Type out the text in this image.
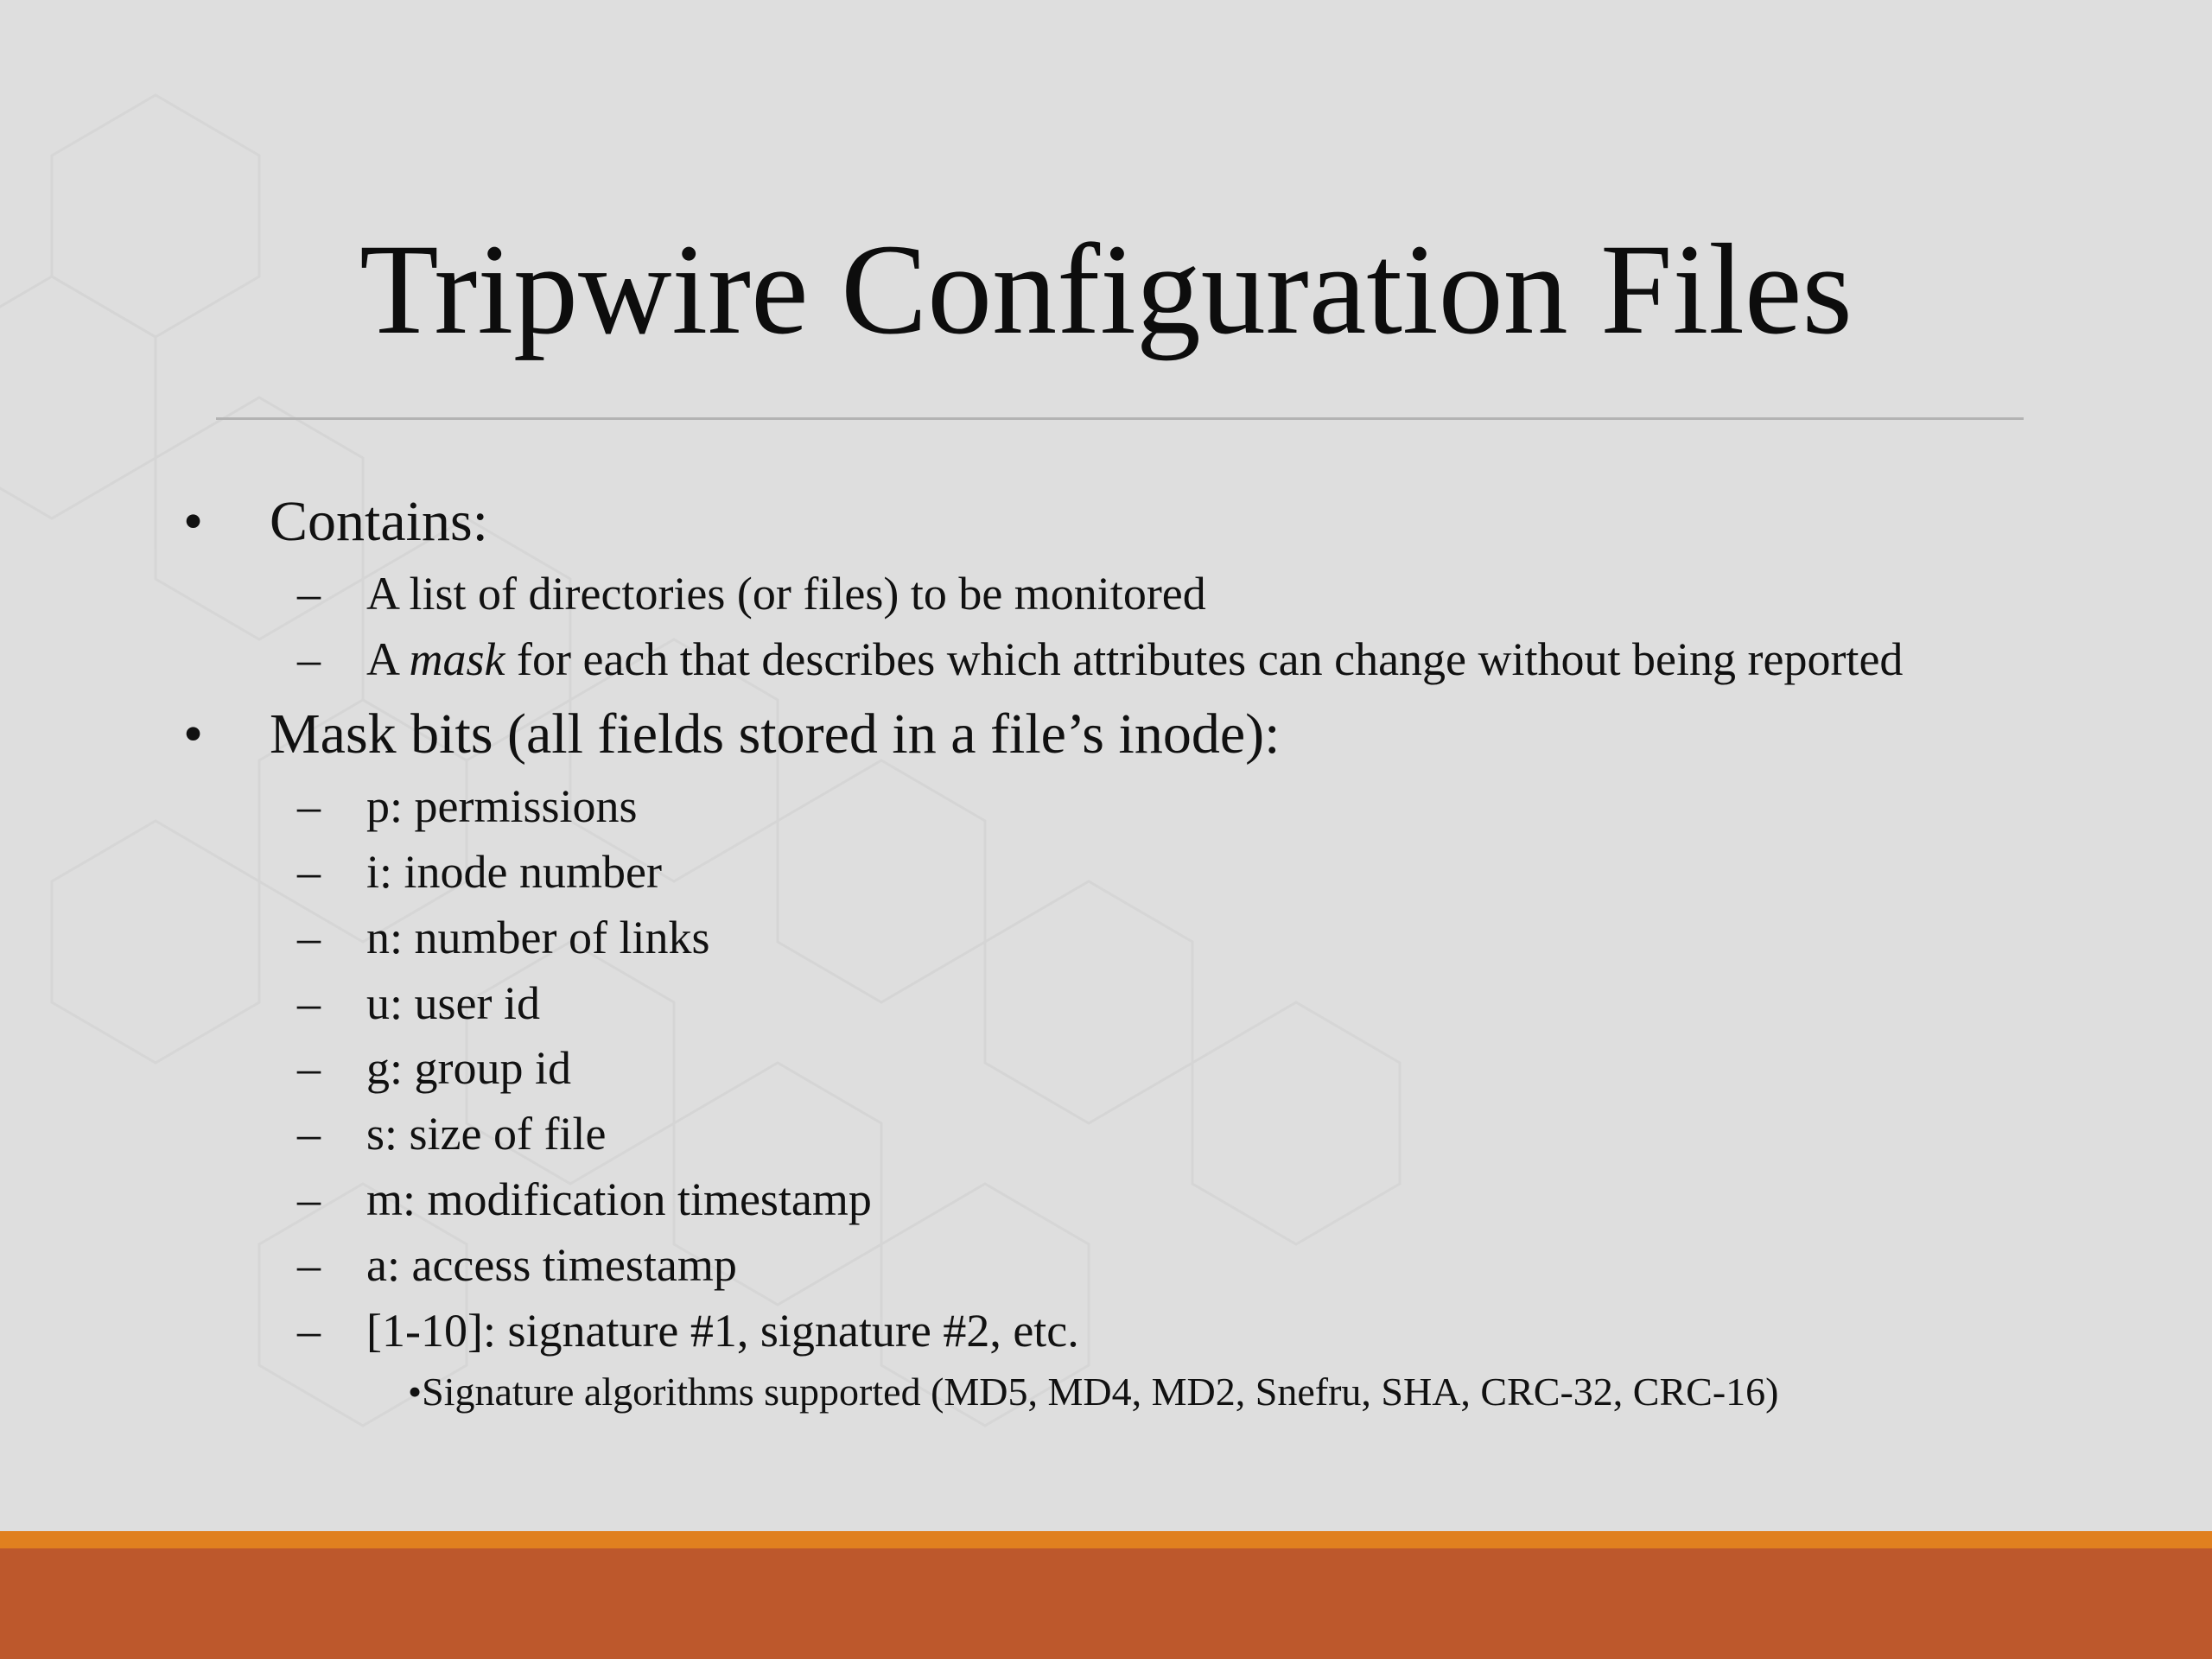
Tripwire Configuration Files
• Contains:
– A list of directories (or files) to be monitored
– A mask for each that describes which attributes can change without being reported
• Mask bits (all fields stored in a file’s inode):
– p: permissions
– i: inode number
– n: number of links
– u: user id
– g: group id
– s: size of file
– m: modification timestamp
– a: access timestamp
– [1-10]: signature #1, signature #2, etc.
•Signature algorithms supported (MD5, MD4, MD2, Snefru, SHA, CRC-32, CRC-16)
